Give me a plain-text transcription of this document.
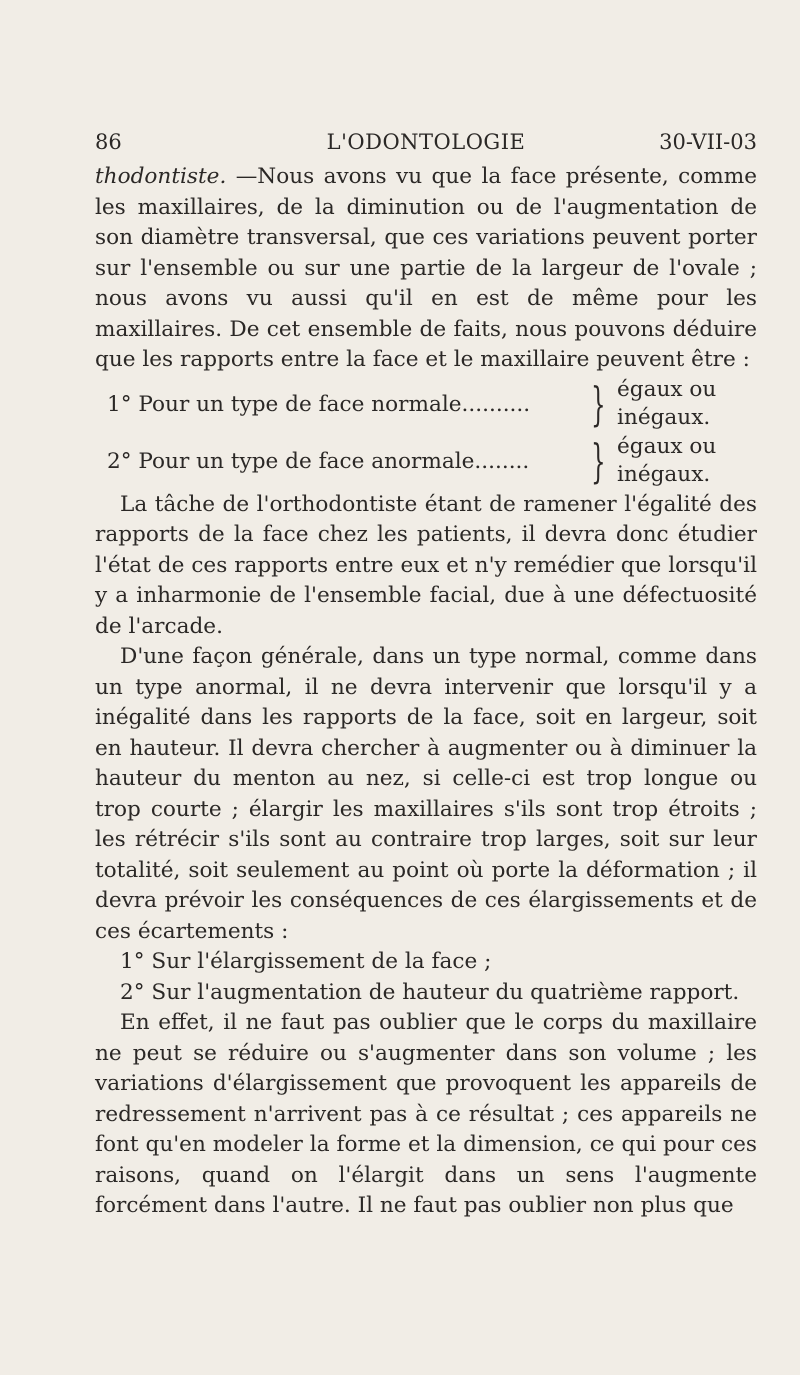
86	L'ODONTOLOGIE	30-VII-03

thodontiste. —Nous avons vu que la face présente, comme les maxillaires, de la diminution ou de l'augmentation de son diamètre transversal, que ces variations peuvent porter sur l'ensemble ou sur une partie de la largeur de l'ovale ; nous avons vu aussi qu'il en est de même pour les maxillaires. De cet ensemble de faits, nous pouvons déduire que les rapports entre la face et le maxillaire peuvent être :

1° Pour un type de face normale.......... } égaux ou
inégaux.
2° Pour un type de face anormale........ } égaux ou
inégaux.

La tâche de l'orthodontiste étant de ramener l'égalité des rapports de la face chez les patients, il devra donc étudier l'état de ces rapports entre eux et n'y remédier que lorsqu'il y a inharmonie de l'ensemble facial, due à une défectuosité de l'arcade.

D'une façon générale, dans un type normal, comme dans un type anormal, il ne devra intervenir que lorsqu'il y a inégalité dans les rapports de la face, soit en largeur, soit en hauteur. Il devra chercher à augmenter ou à diminuer la hauteur du menton au nez, si celle-ci est trop longue ou trop courte ; élargir les maxillaires s'ils sont trop étroits ; les rétrécir s'ils sont au contraire trop larges, soit sur leur totalité, soit seulement au point où porte la déformation ; il devra prévoir les conséquences de ces élargissements et de ces écartements :

1° Sur l'élargissement de la face ;

2° Sur l'augmentation de hauteur du quatrième rapport.

En effet, il ne faut pas oublier que le corps du maxillaire ne peut se réduire ou s'augmenter dans son volume ; les variations d'élargissement que provoquent les appareils de redressement n'arrivent pas à ce résultat ; ces appareils ne font qu'en modeler la forme et la dimension, ce qui pour ces raisons, quand on l'élargit dans un sens l'augmente forcément dans l'autre. Il ne faut pas oublier non plus que
